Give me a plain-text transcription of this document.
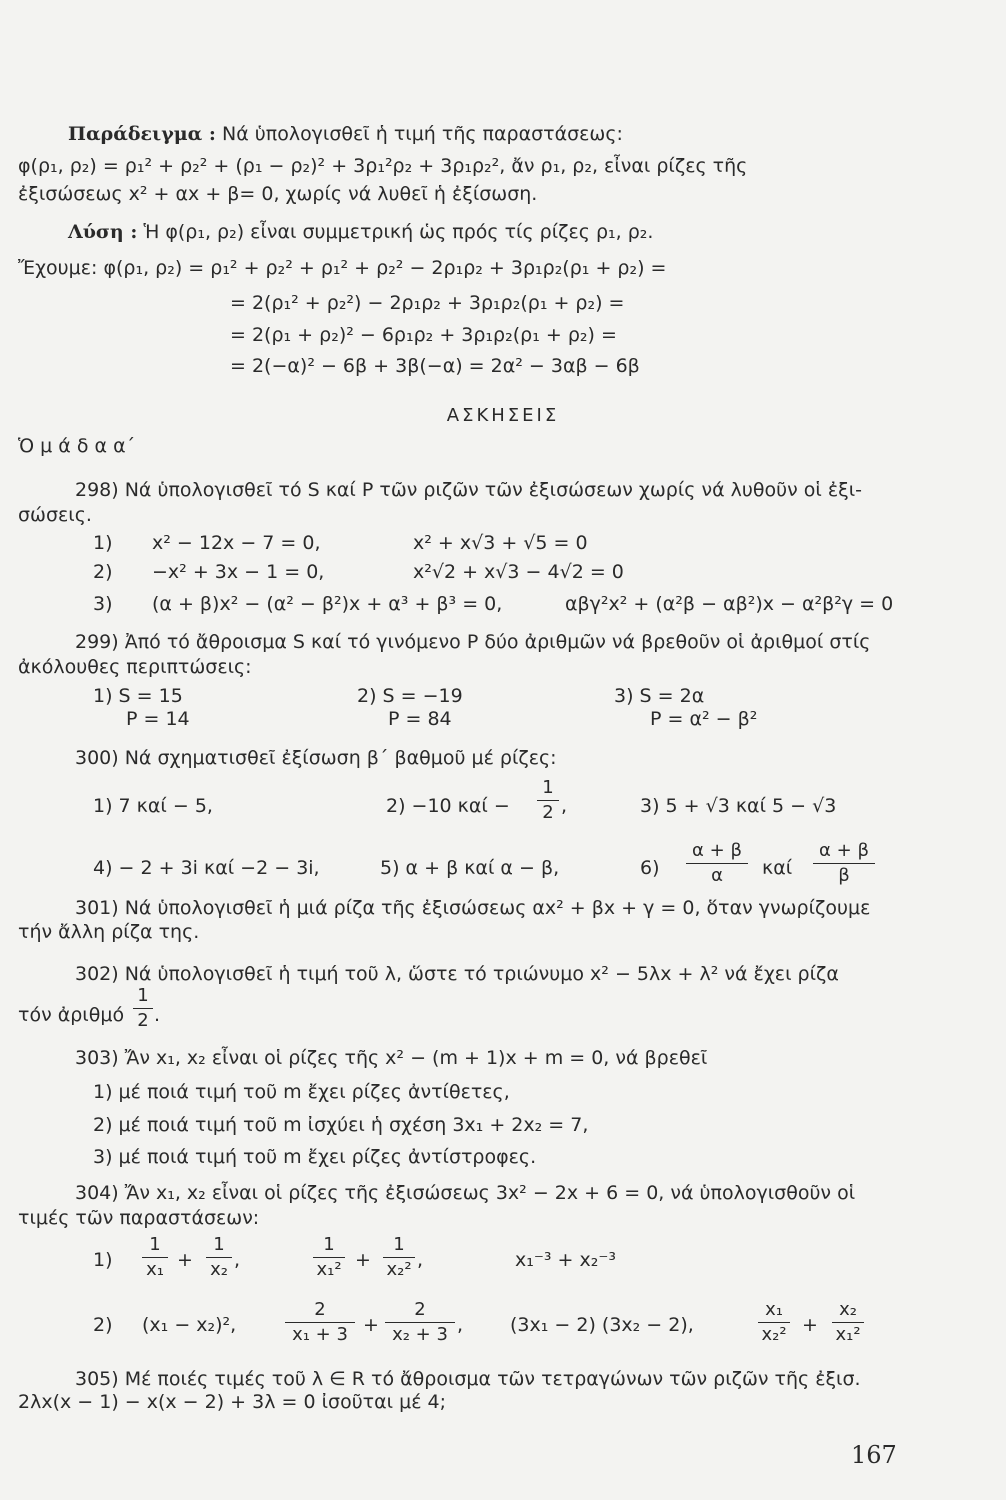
Παράδειγμα : Νά ὑπολογισθεῖ ἡ τιμή τῆς παραστάσεως:
φ(ρ₁, ρ₂) = ρ₁² + ρ₂² + (ρ₁ − ρ₂)² + 3ρ₁²ρ₂ + 3ρ₁ρ₂², ἄν ρ₁, ρ₂, εἶναι ρίζες τῆς
ἐξισώσεως x² + αx + β= 0, χωρίς νά λυθεῖ ἡ ἐξίσωση.
Λύση : Ἡ φ(ρ₁, ρ₂) εἶναι συμμετρική ὡς πρός τίς ρίζες ρ₁, ρ₂.
Ἔχουμε: φ(ρ₁, ρ₂) = ρ₁² + ρ₂² + ρ₁² + ρ₂² − 2ρ₁ρ₂ + 3ρ₁ρ₂(ρ₁ + ρ₂) =
= 2(ρ₁² + ρ₂²) − 2ρ₁ρ₂ + 3ρ₁ρ₂(ρ₁ + ρ₂) =
= 2(ρ₁ + ρ₂)² − 6ρ₁ρ₂ + 3ρ₁ρ₂(ρ₁ + ρ₂) =
= 2(−α)² − 6β + 3β(−α) = 2α² − 3αβ − 6β
ΑΣΚΗΣΕΙΣ
Ὁ μ ά δ α α΄
298) Νά ὑπολογισθεῖ τό S καί P τῶν ριζῶν τῶν ἐξισώσεων χωρίς νά λυθοῦν οἱ ἐξι-
σώσεις.
1) x² − 12x − 7 = 0,	x² + x√3 + √5 = 0
2) −x² + 3x − 1 = 0,	x²√2 + x√3 − 4√2 = 0
3) (α + β)x² − (α² − β²)x + α³ + β³ = 0,	αβγ²x² + (α²β − αβ²)x − α²β²γ = 0
299) Ἀπό τό ἄθροισμα S καί τό γινόμενο P δύο ἀριθμῶν νά βρεθοῦν οἱ ἀριθμοί στίς
ἀκόλουθες περιπτώσεις:
1) S = 15
P = 14
2) S = −19
P = 84
3) S = 2α
P = α² − β²
300) Νά σχηματισθεῖ ἐξίσωση β΄ βαθμοῦ μέ ρίζες:
1) 7 καί − 5,	2) −10 καί −
1
2 ,	3) 5 + √3 καί 5 − √3
4) − 2 + 3i καί −2 − 3i,	5) α + β καί α − β,	6)
α + β
α	καί
α + β
β
301) Νά ὑπολογισθεῖ ἡ μιά ρίζα τῆς ἐξισώσεως αx² + βx + γ = 0, ὅταν γνωρίζουμε
τήν ἄλλη ρίζα της.
302) Νά ὑπολογισθεῖ ἡ τιμή τοῦ λ, ὥστε τό τριώνυμο x² − 5λx + λ² νά ἔχει ρίζα
τόν ἀριθμό
1
2 .
303) Ἄν x₁, x₂ εἶναι οἱ ρίζες τῆς x² − (m + 1)x + m = 0, νά βρεθεῖ
1) μέ ποιά τιμή τοῦ m ἔχει ρίζες ἀντίθετες,
2) μέ ποιά τιμή τοῦ m ἰσχύει ἡ σχέση 3x₁ + 2x₂ = 7,
3) μέ ποιά τιμή τοῦ m ἔχει ρίζες ἀντίστροφες.
304) Ἄν x₁, x₂ εἶναι οἱ ρίζες τῆς ἐξισώσεως 3x² − 2x + 6 = 0, νά ὑπολογισθοῦν οἱ
τιμές τῶν παραστάσεων:
1)
1
x₁ +
1
x₂ ,
1
x₁² +
1
x₂² ,	x₁⁻³ + x₂⁻³
2) (x₁ − x₂)²,
2
x₁ + 3 +
2
x₂ + 3 , (3x₁ − 2) (3x₂ − 2),
x₁
x₂² +
x₂
x₁²
305) Μέ ποιές τιμές τοῦ λ ∈ R τό ἄθροισμα τῶν τετραγώνων τῶν ριζῶν τῆς ἐξισ.
2λx(x − 1) − x(x − 2) + 3λ = 0 ἰσοῦται μέ 4;
167
